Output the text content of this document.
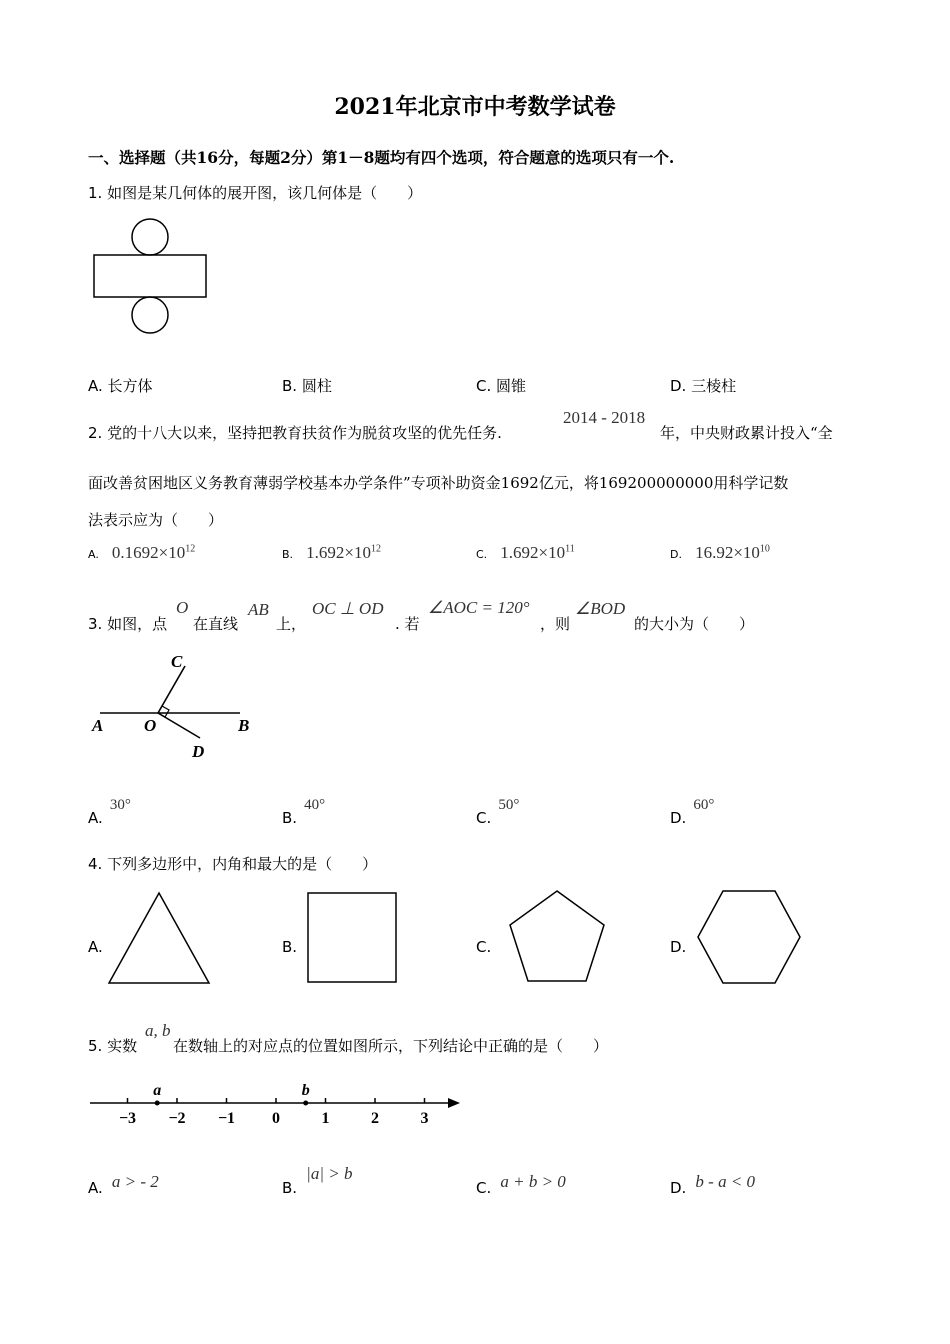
2021年北京市中考数学试卷
一、选择题（共16分，每题2分）第1－8题均有四个选项，符合题意的选项只有一个.
1. 如图是某几何体的展开图，该几何体是（　　）
A. 长方体	B. 圆柱	C. 圆锥	D. 三棱柱
2. 党的十八大以来，坚持把教育扶贫作为脱贫攻坚的优先任务.
2014 - 2018
年，中央财政累计投入“全
面改善贫困地区义务教育薄弱学校基本办学条件”专项补助资金1692亿元，将169200000000用科学记数
法表示应为（　　）
A. $0.1692\times 10^{12}$	B. $1.692\times 10^{12}$	C. $1.692\times 10^{11}$	D. $16.92\times 10^{10}$
3. 如图，点
O
在直线
AB
上，
OC ⊥ OD
. 若
∠AOC = 120°
，则
∠BOD
的大小为（　　）
A O	B
C
D
A. 30°
B. 40°
C. 50°
D. 60°
4. 下列多边形中，内角和最大的是（　　）
A.	B.	C.	D.
5. 实数
a, b
在数轴上的对应点的位置如图所示，下列结论中正确的是（　　）
−3 −2 −1 0	1	2	3
a	b
A. a > - 2	B. |a| > b
C. a + b > 0	D. b - a < 0
